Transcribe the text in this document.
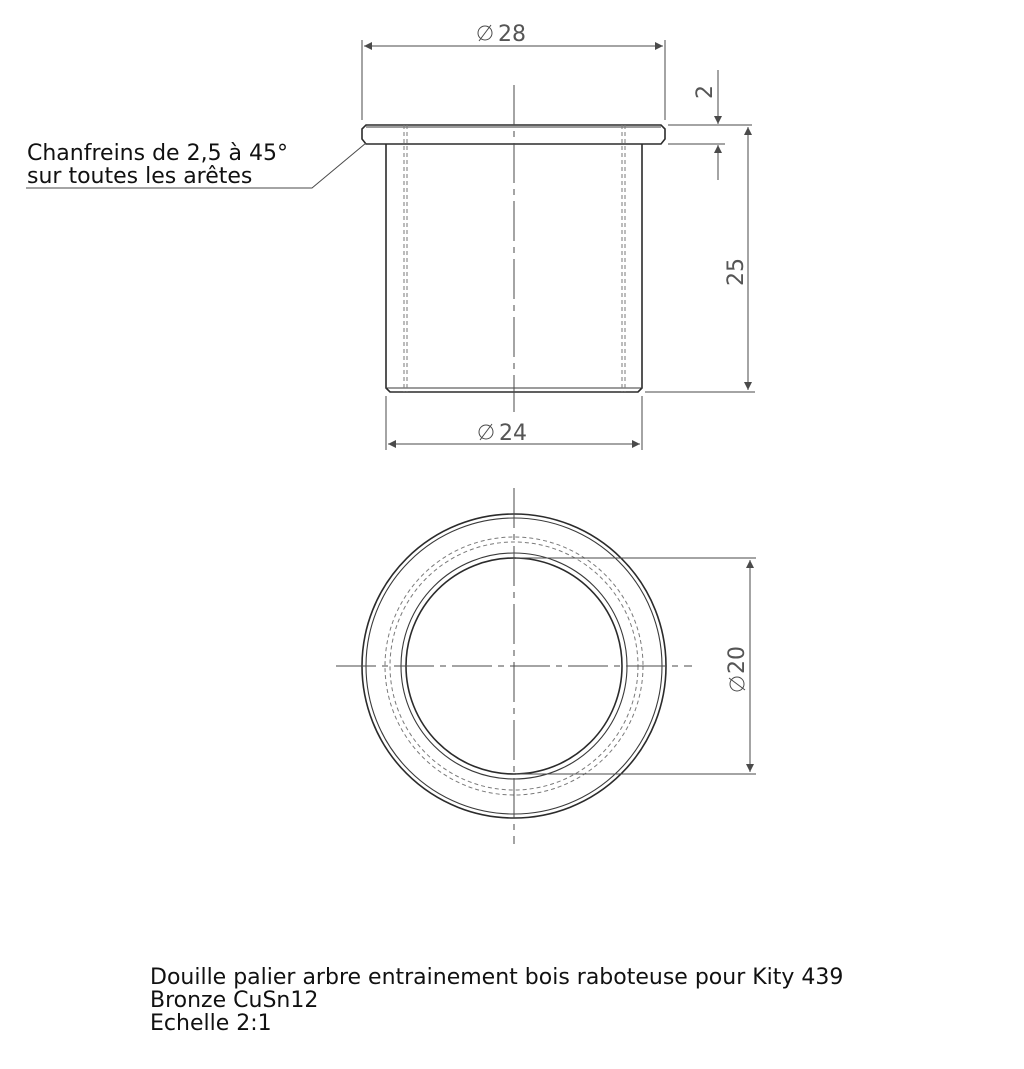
28
2
25
24
Chanfreins de 2,5 à 45°
sur toutes les arêtes
20
Douille palier arbre entrainement bois raboteuse pour Kity 439
Bronze CuSn12
Echelle 2:1
